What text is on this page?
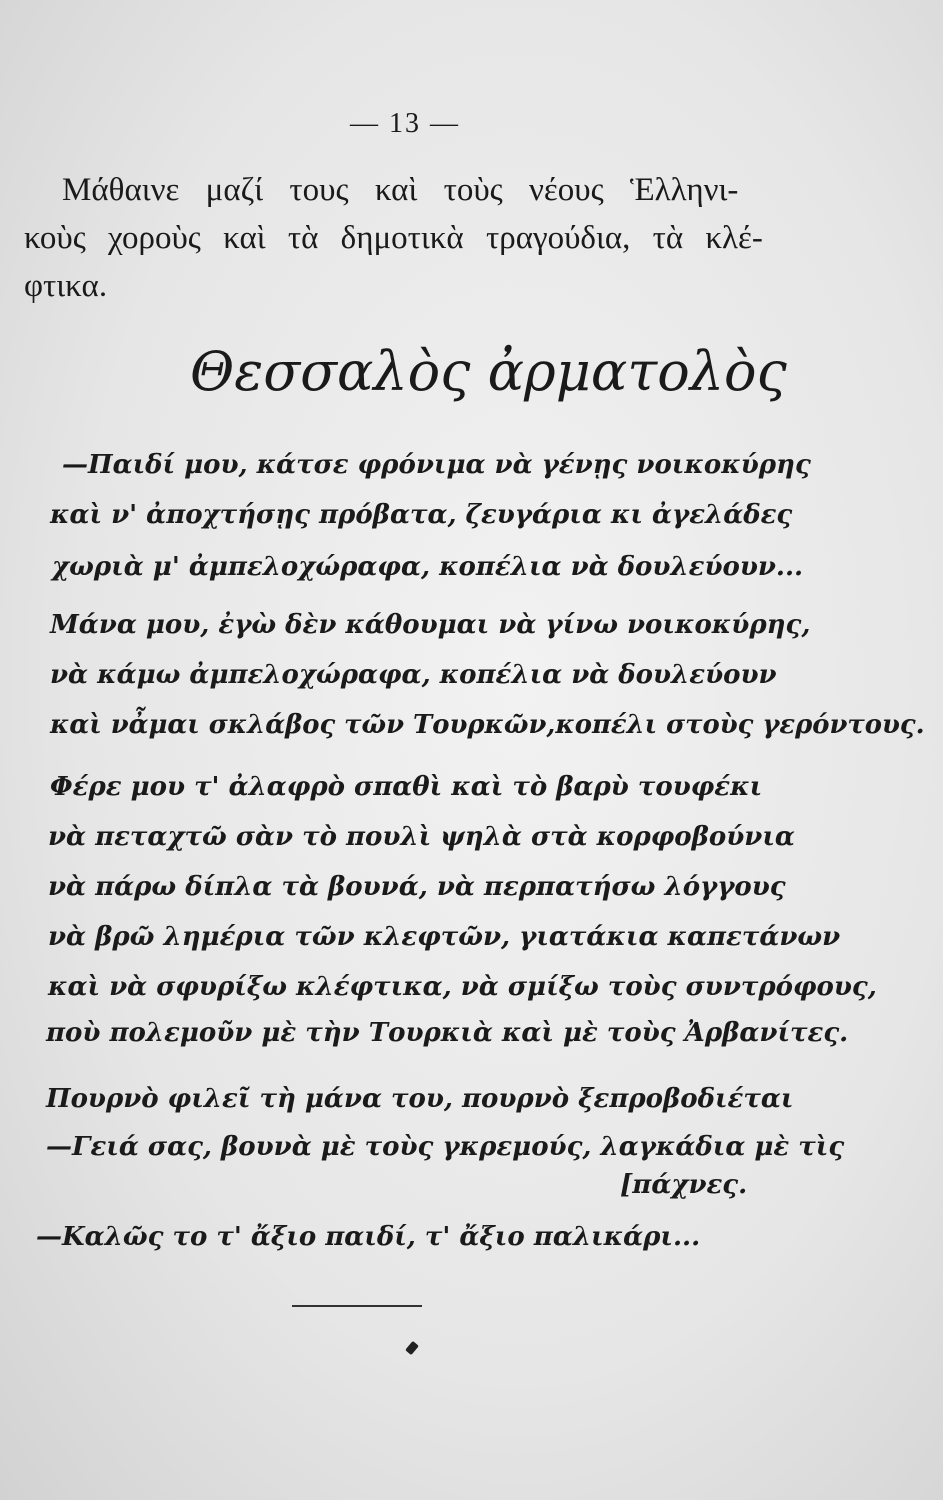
— 13 —
Μάθαινε μαζί τους καὶ τοὺς νέους Ἑλληνι-
κοὺς χοροὺς καὶ τὰ δημοτικὰ τραγούδια, τὰ κλέ-
φτικα.
Θεσσαλὸς ἀρματολὸς
—Παιδί μου, κάτσε φρόνιμα νὰ γένῃς νοικοκύρης
καὶ ν' ἀποχτήσῃς πρόβατα, ζευγάρια κι ἀγελάδες
χωριὰ μ' ἀμπελοχώραφα, κοπέλια νὰ δουλεύουν...
Μάνα μου, ἐγὼ δὲν κάθουμαι νὰ γίνω νοικοκύρης,
νὰ κάμω ἀμπελοχώραφα, κοπέλια νὰ δουλεύουν
καὶ νἆμαι σκλάβος τῶν Τουρκῶν,κοπέλι στοὺς γερόντους.
Φέρε μου τ' ἀλαφρὸ σπαθὶ καὶ τὸ βαρὺ τουφέκι
νὰ πεταχτῶ σὰν τὸ πουλὶ ψηλὰ στὰ κορφοβούνια
νὰ πάρω δίπλα τὰ βουνά, νὰ περπατήσω λόγγους
νὰ βρῶ λημέρια τῶν κλεφτῶν, γιατάκια καπετάνων
καὶ νὰ σφυρίξω κλέφτικα, νὰ σμίξω τοὺς συντρόφους,
ποὺ πολεμοῦν μὲ τὴν Τουρκιὰ καὶ μὲ τοὺς Ἀρβανίτες.
Πουρνὸ φιλεῖ τὴ μάνα του, πουρνὸ ξεπροβοδιέται
—Γειά σας, βουνὰ μὲ τοὺς γκρεμούς, λαγκάδια μὲ τὶς
[πάχνες.
—Καλῶς το τ' ἄξιο παιδί, τ' ἄξιο παλικάρι...
